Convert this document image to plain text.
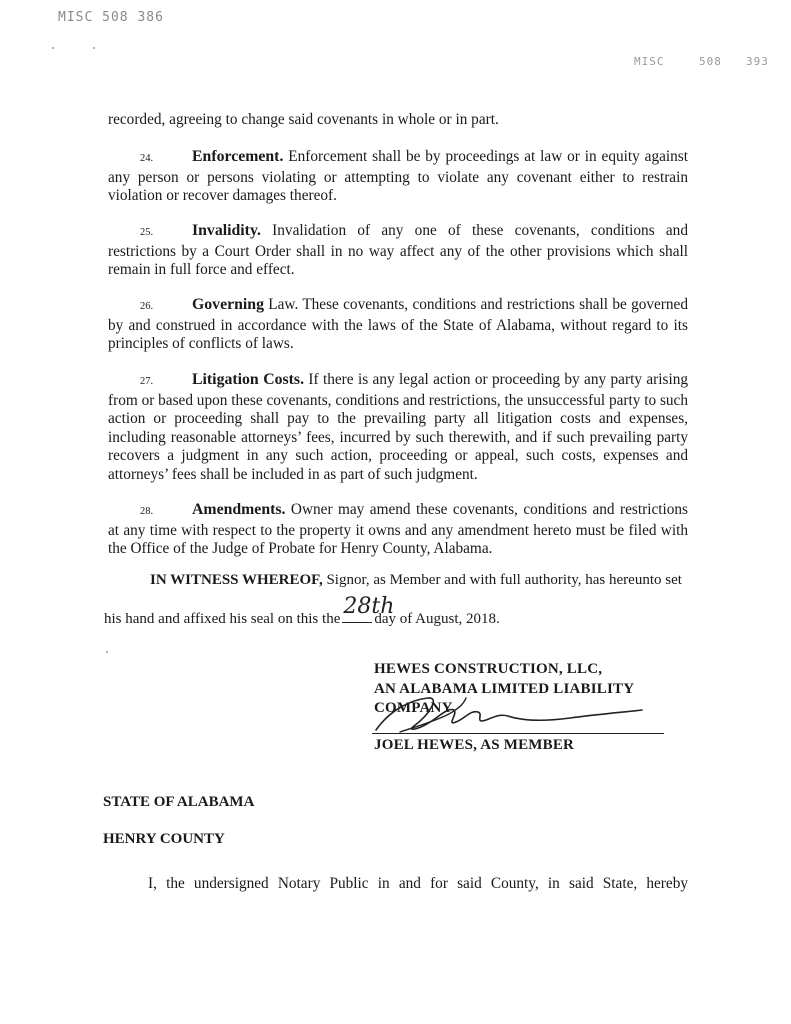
MISC 508 386
MISC	508 393

recorded, agreeing to change said covenants in whole or in part.

24. Enforcement. Enforcement shall be by proceedings at law or in equity against any person or persons violating or attempting to violate any covenant either to restrain violation or recover damages thereof.

25. Invalidity. Invalidation of any one of these covenants, conditions and restrictions by a Court Order shall in no way affect any of the other provisions which shall remain in full force and effect.

26. Governing Law. These covenants, conditions and restrictions shall be governed by and construed in accordance with the laws of the State of Alabama, without regard to its principles of conflicts of laws.

27. Litigation Costs. If there is any legal action or proceeding by any party arising from or based upon these covenants, conditions and restrictions, the unsuccessful party to such action or proceeding shall pay to the prevailing party all litigation costs and expenses, including reasonable attorneys’ fees, incurred by such therewith, and if such prevailing party recovers a judgment in any such action, proceeding or appeal, such costs, expenses and attorneys’ fees shall be included in as part of such judgment.

28. Amendments. Owner may amend these covenants, conditions and restrictions at any time with respect to the property it owns and any amendment hereto must be filed with the Office of the Judge of Probate for Henry County, Alabama.

IN WITNESS WHEREOF, Signor, as Member and with full authority, has hereunto set
his hand and affixed his seal on this the 28th
day of August, 2018.
HEWES CONSTRUCTION, LLC,
AN ALABAMA LIMITED LIABILITY
COMPANY
JOEL HEWES, AS MEMBER
STATE OF ALABAMA
HENRY COUNTY
I, the undersigned Notary Public in and for said County, in said State, hereby
